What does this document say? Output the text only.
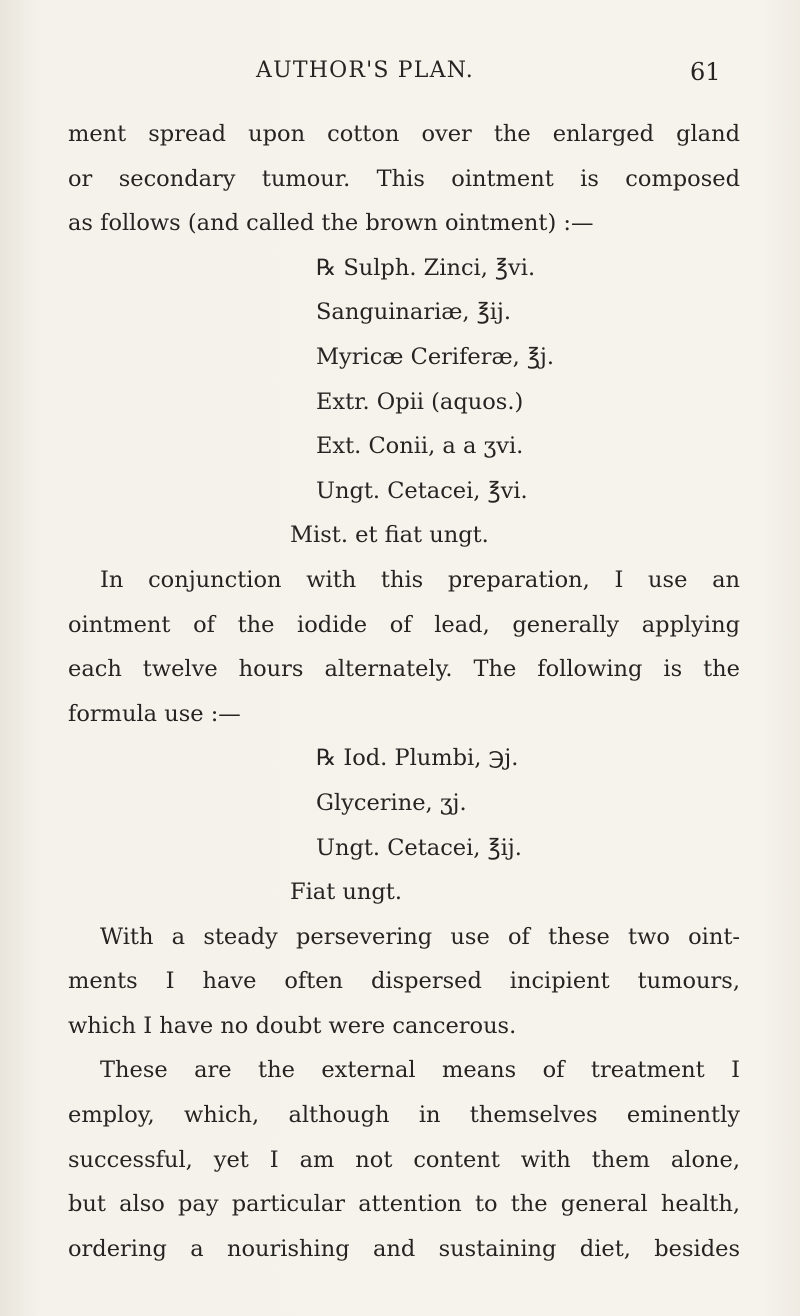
AUTHOR'S PLAN.	61
ment spread upon cotton over the enlarged gland
or secondary tumour. This ointment is composed
as follows (and called the brown ointment) :—
℞ Sulph. Zinci, ℥vi.
Sanguinariæ, ℥ij.
Myricæ Ceriferæ, ℥j.
Extr. Opii (aquos.)
Ext. Conii, a a ʒvi.
Ungt. Cetacei, ℥vi.
Mist. et fiat ungt.
In conjunction with this preparation, I use an
ointment of the iodide of lead, generally applying
each twelve hours alternately. The following is the
formula use :—
℞ Iod. Plumbi, ℈j.
Glycerine, ʒj.
Ungt. Cetacei, ℥ij.
Fiat ungt.
With a steady persevering use of these two oint-
ments I have often dispersed incipient tumours,
which I have no doubt were cancerous.
These are the external means of treatment I
employ, which, although in themselves eminently
successful, yet I am not content with them alone,
but also pay particular attention to the general health,
ordering a nourishing and sustaining diet, besides
